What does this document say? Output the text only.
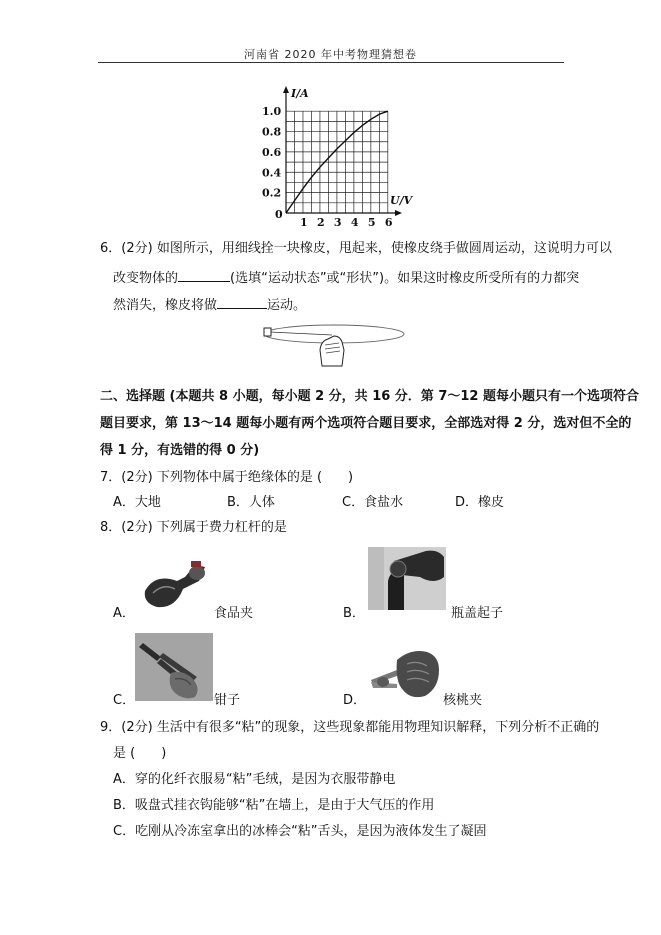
河南省 2020 年中考物理猜想卷
1 2 3 4 5 6
1.0
0.8
0.6
0.4
0.2
I/A
U/V
0
6．(2分) 如图所示，用细线拴一块橡皮，甩起来，使橡皮绕手做圆周运动，这说明力可以
改变物体的	(选填“运动状态”或“形状”)。如果这时橡皮所受所有的力都突
然消失，橡皮将做	运动。
二、选择题 (本题共 8 小题，每小题 2 分，共 16 分．第 7～12 题每小题只有一个选项符合
题目要求，第 13～14 题每小题有两个选项符合题目要求，全部选对得 2 分，选对但不全的
得 1 分，有选错的得 0 分)
7．(2分) 下列物体中属于绝缘体的是 (　　)
A．大地	B．人体	C．食盐水	D．橡皮
8．(2分) 下列属于费力杠杆的是
A．	食品夹	B．	瓶盖起子
C．	钳子	D．	核桃夹
9．(2分) 生活中有很多“粘”的现象，这些现象都能用物理知识解释，下列分析不正确的
是 (　　)
A．穿的化纤衣服易“粘”毛绒，是因为衣服带静电
B．吸盘式挂衣钩能够“粘”在墙上，是由于大气压的作用
C．吃刚从冷冻室拿出的冰棒会“粘”舌头，是因为液体发生了凝固
